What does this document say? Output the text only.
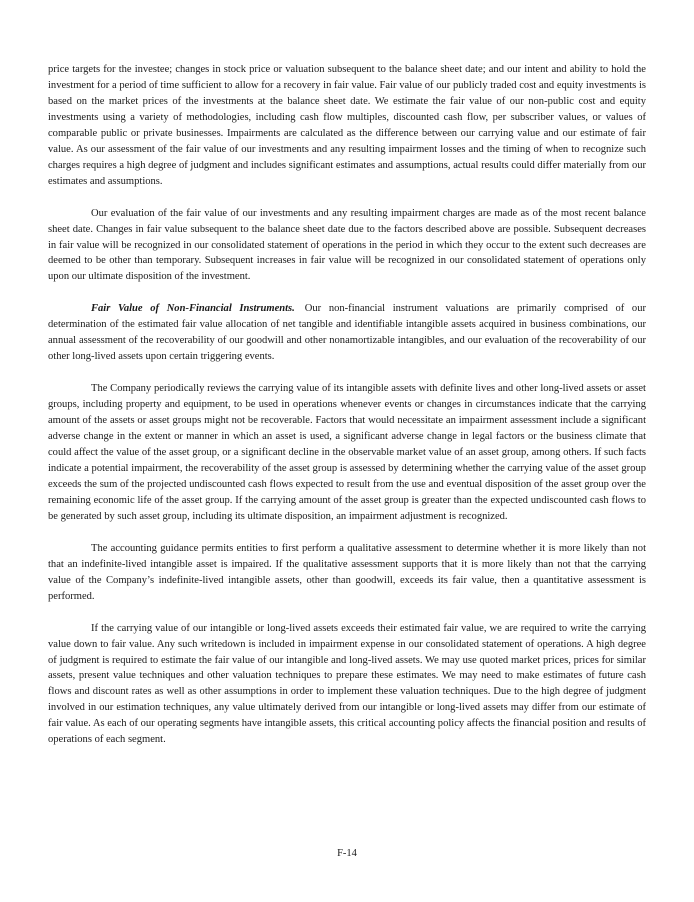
price targets for the investee; changes in stock price or valuation subsequent to the balance sheet date; and our intent and ability to hold the investment for a period of time sufficient to allow for a recovery in fair value. Fair value of our publicly traded cost and equity investments is based on the market prices of the investments at the balance sheet date. We estimate the fair value of our non-public cost and equity investments using a variety of methodologies, including cash flow multiples, discounted cash flow, per subscriber values, or values of comparable public or private businesses. Impairments are calculated as the difference between our carrying value and our estimate of fair value. As our assessment of the fair value of our investments and any resulting impairment losses and the timing of when to recognize such charges requires a high degree of judgment and includes significant estimates and assumptions, actual results could differ materially from our estimates and assumptions.

Our evaluation of the fair value of our investments and any resulting impairment charges are made as of the most recent balance sheet date. Changes in fair value subsequent to the balance sheet date due to the factors described above are possible. Subsequent decreases in fair value will be recognized in our consolidated statement of operations in the period in which they occur to the extent such decreases are deemed to be other than temporary. Subsequent increases in fair value will be recognized in our consolidated statement of operations only upon our ultimate disposition of the investment.

Fair Value of Non-Financial Instruments. Our non-financial instrument valuations are primarily comprised of our determination of the estimated fair value allocation of net tangible and identifiable intangible assets acquired in business combinations, our annual assessment of the recoverability of our goodwill and other nonamortizable intangibles, and our evaluation of the recoverability of our other long-lived assets upon certain triggering events.

The Company periodically reviews the carrying value of its intangible assets with definite lives and other long-lived assets or asset groups, including property and equipment, to be used in operations whenever events or changes in circumstances indicate that the carrying amount of the assets or asset groups might not be recoverable. Factors that would necessitate an impairment assessment include a significant adverse change in the extent or manner in which an asset is used, a significant adverse change in legal factors or the business climate that could affect the value of the asset group, or a significant decline in the observable market value of an asset group, among others. If such facts indicate a potential impairment, the recoverability of the asset group is assessed by determining whether the carrying value of the asset group exceeds the sum of the projected undiscounted cash flows expected to result from the use and eventual disposition of the asset group over the remaining economic life of the asset group. If the carrying amount of the asset group is greater than the expected undiscounted cash flows to be generated by such asset group, including its ultimate disposition, an impairment adjustment is recognized.

The accounting guidance permits entities to first perform a qualitative assessment to determine whether it is more likely than not that an indefinite-lived intangible asset is impaired. If the qualitative assessment supports that it is more likely than not that the carrying value of the Company’s indefinite-lived intangible assets, other than goodwill, exceeds its fair value, then a quantitative assessment is performed.

If the carrying value of our intangible or long-lived assets exceeds their estimated fair value, we are required to write the carrying value down to fair value. Any such writedown is included in impairment expense in our consolidated statement of operations. A high degree of judgment is required to estimate the fair value of our intangible and long-lived assets. We may use quoted market prices, prices for similar assets, present value techniques and other valuation techniques to prepare these estimates. We may need to make estimates of future cash flows and discount rates as well as other assumptions in order to implement these valuation techniques. Due to the high degree of judgment involved in our estimation techniques, any value ultimately derived from our intangible or long-lived assets may differ from our estimate of fair value. As each of our operating segments have intangible assets, this critical accounting policy affects the financial position and results of operations of each segment.

F-14
